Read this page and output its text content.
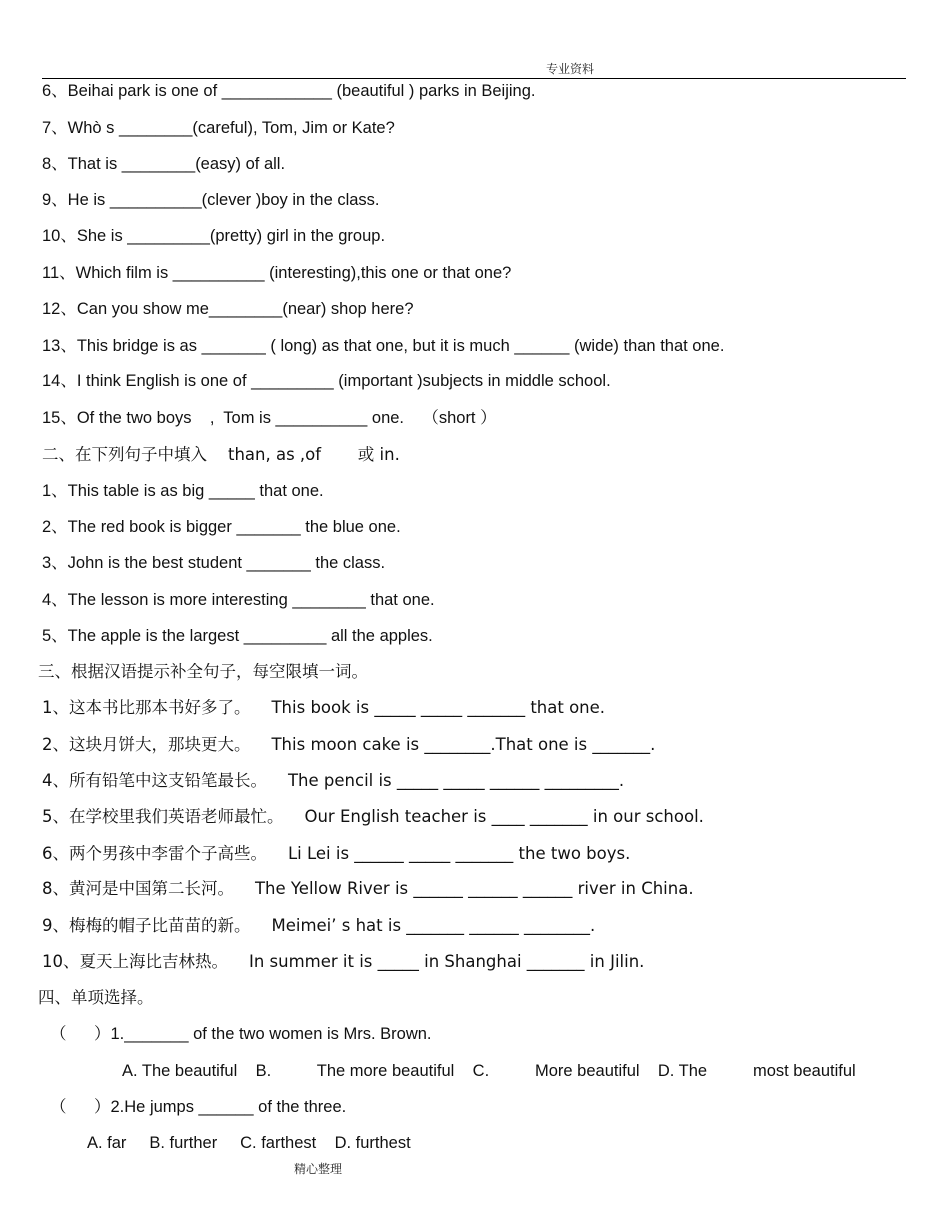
专业资料
6、Beihai park is one of ____________ (beautiful ) parks in Beijing.
7、Whò s ________(careful), Tom, Jim or Kate?
8、That is ________(easy) of all.
9、He is __________(clever )boy in the class.
10、She is _________(pretty) girl in the group.
11、Which film is __________ (interesting),this one or that one?
12、Can you show me________(near) shop here?
13、This bridge is as _______ ( long) as that one, but it is much ______ (wide) than that one.
14、I think English is one of _________ (important )subjects in middle school.
15、Of the two boys    ,  Tom is __________ one.    （short ）
二、在下列句子中填入    than, as ,of       或 in.
1、This table is as big _____ that one.
2、The red book is bigger _______ the blue one.
3、John is the best student _______ the class.
4、The lesson is more interesting ________ that one.
5、The apple is the largest _________ all the apples.
三、根据汉语提示补全句子，每空限填一词。
1、这本书比那本书好多了。    This book is _____ _____ _______ that one.
2、这块月饼大，那块更大。    This moon cake is ________.That one is _______.
4、所有铅笔中这支铅笔最长。    The pencil is _____ _____ ______ _________.
5、在学校里我们英语老师最忙。    Our English teacher is ____ _______ in our school.
6、两个男孩中李雷个子高些。    Li Lei is ______ _____ _______ the two boys.
8、黄河是中国第二长河。    The Yellow River is ______ ______ ______ river in China.
9、梅梅的帽子比苗苗的新。    Meimei’ s hat is _______ ______ ________.
10、夏天上海比吉林热。    In summer it is _____ in Shanghai _______ in Jilin.
四、单项选择。
（      ）1._______ of the two women is Mrs. Brown.
A. The beautiful    B.          The more beautiful    C.          More beautiful    D. The          most beautiful
（      ）2.He jumps ______ of the three.
A. far     B. further     C. farthest    D. furthest
精心整理
